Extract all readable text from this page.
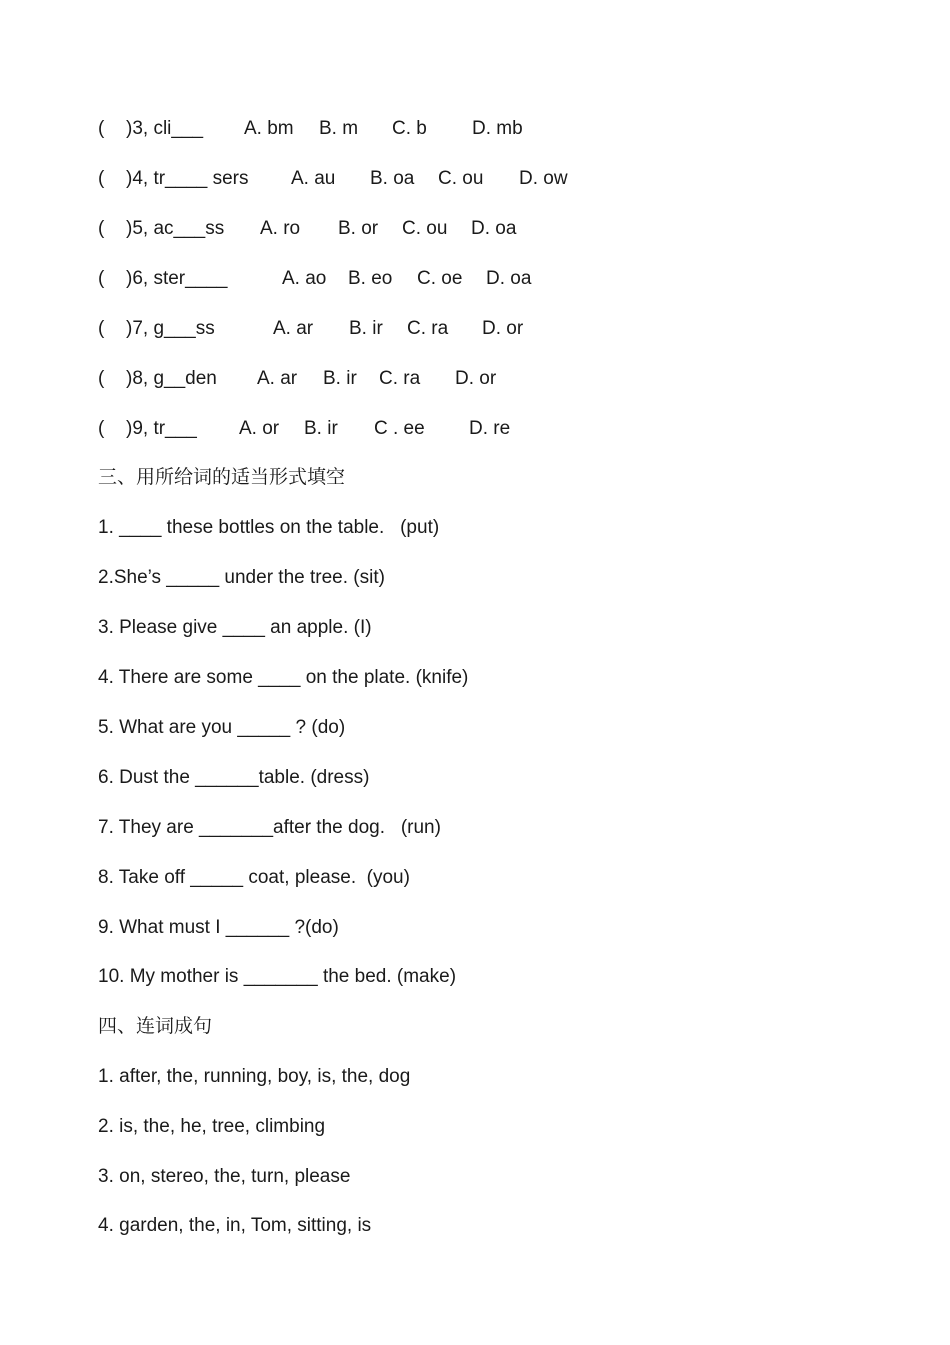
(

)3, cli___

A. bm

B. m

C. b

D. mb

(

)4, tr____ sers

A. au

B. oa

C. ou

D. ow

(

)5, ac___ss

A. ro

B. or

C. ou

D. oa

(

)6, ster____

	A. ao

B. eo

C. oe

D. oa

(

)7, g___ss

	A. ar

B. ir

C. ra

D. or

(

)8, g__den

A. ar

B. ir

C. ra

D. or

(

)9, tr___

A. or

B. ir

C . ee

D. re

三、用所给词的适当形式填空
1. ____ these bottles on the table.   (put)
2.She’s _____ under the tree. (sit)
3. Please give ____ an apple. (I)
4. There are some ____ on the plate. (knife)
5. What are you _____ ? (do)
6. Dust the ______table. (dress)
7. They are _______after the dog.   (run)
8. Take off _____ coat, please.  (you)
9. What must I ______ ?(do)
10. My mother is _______ the bed. (make)
四、连词成句
1. after, the, running, boy, is, the, dog
2. is, the, he, tree, climbing
3. on, stereo, the, turn, please
4. garden, the, in, Tom, sitting, is
